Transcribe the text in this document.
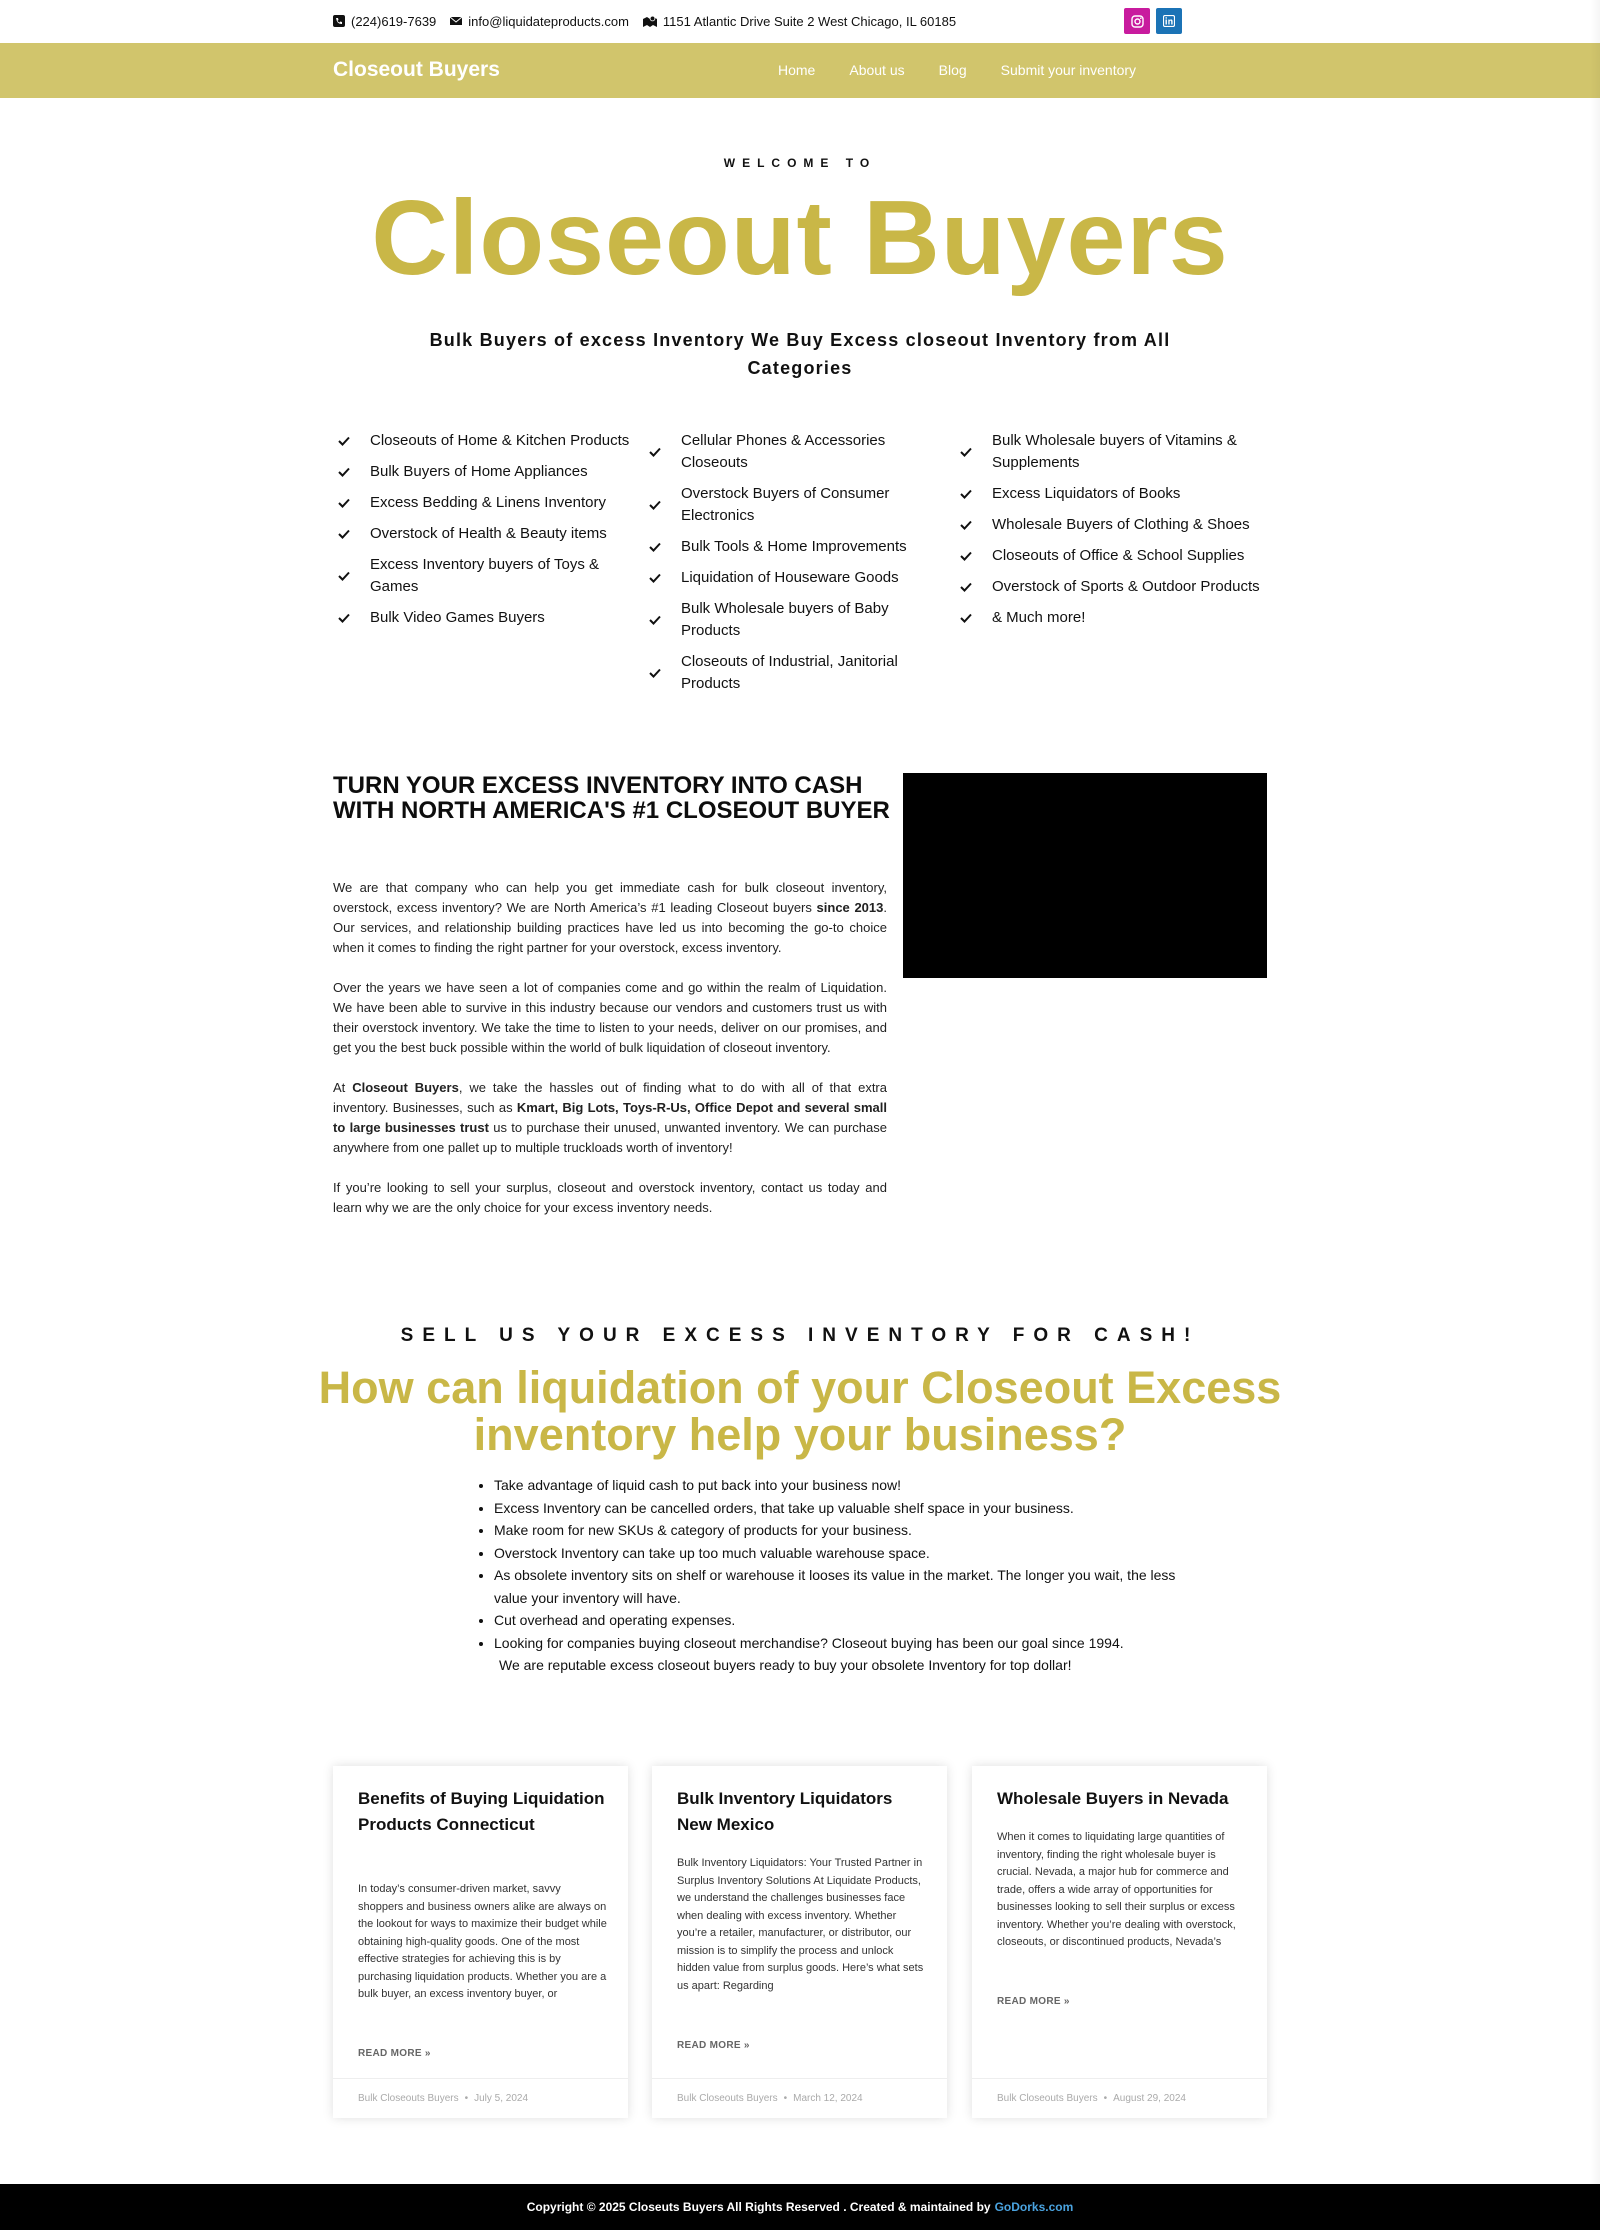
(224)619-7639 info@liquidateproducts.com	1151 Atlantic Drive Suite 2 West Chicago, IL 60185
Closeout Buyers	Home About us Blog Submit your inventory
WELCOME TO
Closeout Buyers
Bulk Buyers of excess Inventory We Buy Excess closeout Inventory from All Categories
Closeouts of Home & Kitchen Products
Bulk Buyers of Home Appliances
Excess Bedding & Linens Inventory
Overstock of Health & Beauty items
Excess Inventory buyers of Toys & Games
Bulk Video Games Buyers
Cellular Phones & Accessories Closeouts
Overstock Buyers of Consumer Electronics
Bulk Tools & Home Improvements
Liquidation of Houseware Goods
Bulk Wholesale buyers of Baby Products
Closeouts of Industrial, Janitorial Products
Bulk Wholesale buyers of Vitamins & Supplements
Excess Liquidators of Books
Wholesale Buyers of Clothing & Shoes
Closeouts of Office & School Supplies
Overstock of Sports & Outdoor Products
& Much more!
TURN YOUR EXCESS INVENTORY INTO CASH WITH NORTH AMERICA'S #1 CLOSEOUT BUYER

We are that company who can help you get immediate cash for bulk closeout inventory, overstock, excess inventory? We are North America’s #1 leading Closeout buyers since 2013. Our services, and relationship building practices have led us into becoming the go-to choice when it comes to finding the right partner for your overstock, excess inventory.

Over the years we have seen a lot of companies come and go within the realm of Liquidation. We have been able to survive in this industry because our vendors and customers trust us with their overstock inventory. We take the time to listen to your needs, deliver on our promises, and get you the best buck possible within the world of bulk liquidation of closeout inventory.

At Closeout Buyers, we take the hassles out of finding what to do with all of that extra inventory. Businesses, such as Kmart, Big Lots, Toys-R-Us, Office Depot and several small to large businesses trust us to purchase their unused, unwanted inventory. We can purchase anywhere from one pallet up to multiple truckloads worth of inventory!

If you’re looking to sell your surplus, closeout and overstock inventory, contact us today and learn why we are the only choice for your excess inventory needs.

SELL US YOUR EXCESS INVENTORY FOR CASH!
How can liquidation of your Closeout Excess inventory help your business?
• Take advantage of liquid cash to put back into your business now!
• Excess Inventory can be cancelled orders, that take up valuable shelf space in your business.
• Make room for new SKUs & category of products for your business.
• Overstock Inventory can take up too much valuable warehouse space.
• As obsolete inventory sits on shelf or warehouse it looses its value in the market. The longer you wait, the less value your inventory will have.
• Cut overhead and operating expenses.
• Looking for companies buying closeout merchandise? Closeout buying has been our goal since 1994.
We are reputable excess closeout buyers ready to buy your obsolete Inventory for top dollar!
Benefits of Buying Liquidation Products Connecticut
In today’s consumer-driven market, savvy shoppers and business owners alike are always on the lookout for ways to maximize their budget while obtaining high-quality goods. One of the most effective strategies for achieving this is by purchasing liquidation products. Whether you are a bulk buyer, an excess inventory buyer, or
READ MORE »
Bulk Closeouts Buyers • July 5, 2024
Bulk Inventory Liquidators New Mexico
Bulk Inventory Liquidators: Your Trusted Partner in Surplus Inventory Solutions At Liquidate Products, we understand the challenges businesses face when dealing with excess inventory. Whether you’re a retailer, manufacturer, or distributor, our mission is to simplify the process and unlock hidden value from surplus goods. Here’s what sets us apart: Regarding
READ MORE »
Bulk Closeouts Buyers • March 12, 2024
Wholesale Buyers in Nevada
When it comes to liquidating large quantities of inventory, finding the right wholesale buyer is crucial. Nevada, a major hub for commerce and trade, offers a wide array of opportunities for businesses looking to sell their surplus or excess inventory. Whether you’re dealing with overstock, closeouts, or discontinued products, Nevada’s
READ MORE »
Bulk Closeouts Buyers • August 29, 2024
Copyright © 2025 Closeuts Buyers All Rights Reserved . Created & maintained by GoDorks.com
